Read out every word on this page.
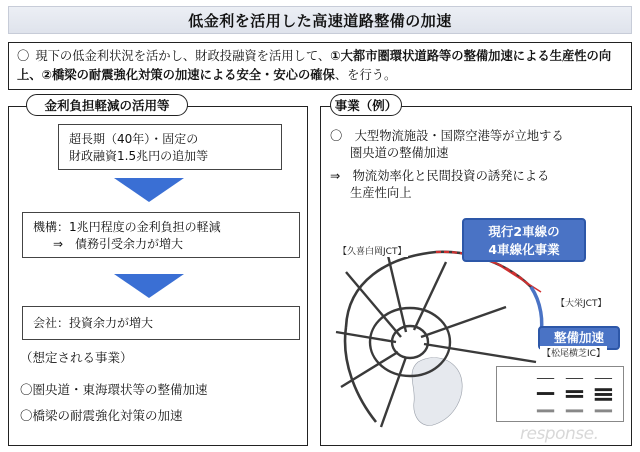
低金利を活用した高速道路整備の加速
〇 現下の低金利状況を活かし、財政投融資を活用して、①大都市圏環状道路等の整備加速による生産性の向上、②橋梁の耐震強化対策の加速による安全・安心の確保、を行う。
金利負担軽減の活用等
超長期（40年）・固定の
財政融資1.5兆円の追加等
機構：1兆円程度の金利負担の軽減
⇒　債務引受余力が増大
会社：投資余力が増大
（想定される事業）
〇圏央道・東海環状等の整備加速
〇橋梁の耐震強化対策の加速
事業（例）
〇　大型物流施設・国際空港等が立地する
圏央道の整備加速
⇒　物流効率化と民間投資の誘発による
生産性向上
現行2車線の
4車線化事業
整備加速
【久喜白岡JCT】
【大栄JCT】
【松尾横芝IC】
response.
